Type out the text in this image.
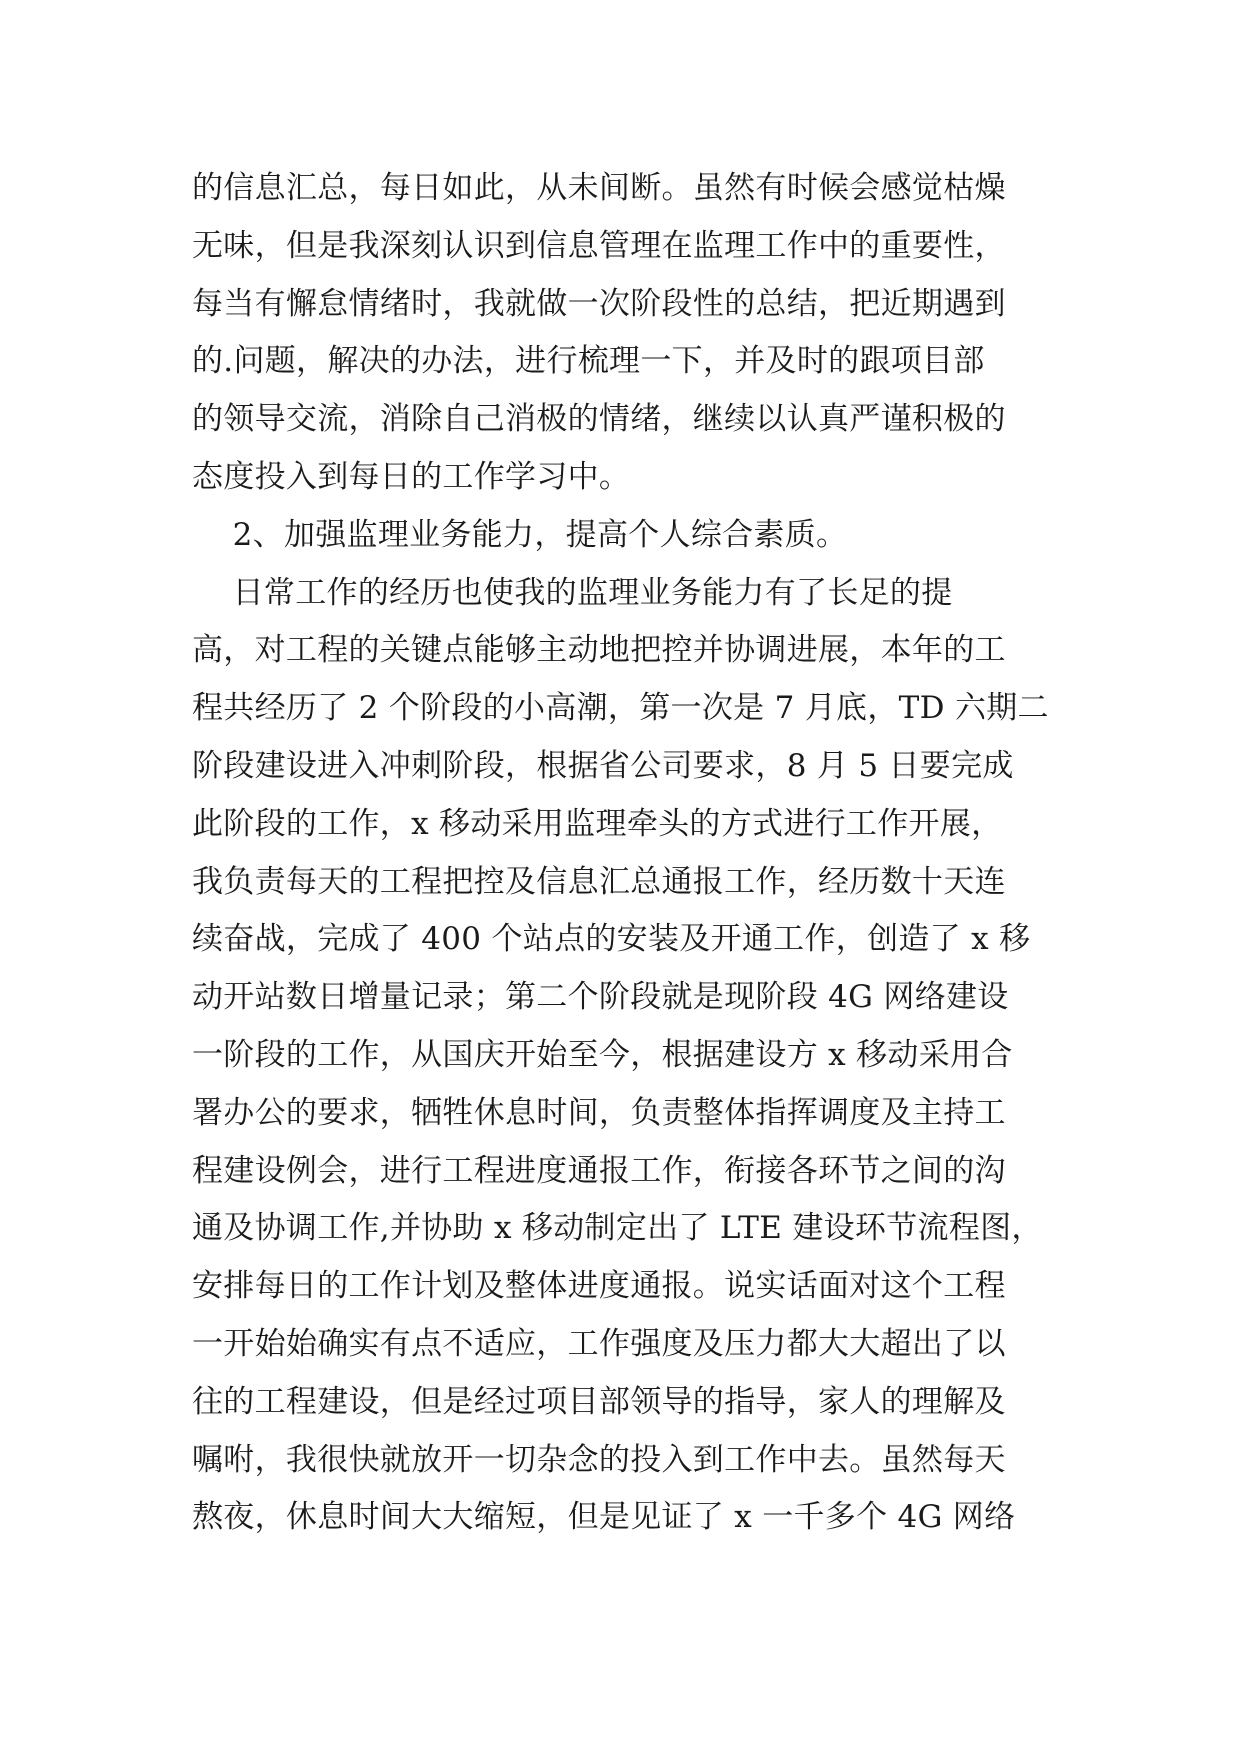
的信息汇总，每日如此，从未间断。虽然有时候会感觉枯燥
无味，但是我深刻认识到信息管理在监理工作中的重要性，
每当有懈怠情绪时，我就做一次阶段性的总结，把近期遇到
的.问题，解决的办法，进行梳理一下，并及时的跟项目部
的领导交流，消除自己消极的情绪，继续以认真严谨积极的
态度投入到每日的工作学习中。
2、加强监理业务能力，提高个人综合素质。
日常工作的经历也使我的监理业务能力有了长足的提
高，对工程的关键点能够主动地把控并协调进展，本年的工
程共经历了 2 个阶段的小高潮，第一次是 7 月底，TD 六期二
阶段建设进入冲刺阶段，根据省公司要求，8 月 5 日要完成
此阶段的工作，x 移动采用监理牵头的方式进行工作开展，
我负责每天的工程把控及信息汇总通报工作，经历数十天连
续奋战，完成了 400 个站点的安装及开通工作，创造了 x 移
动开站数日增量记录；第二个阶段就是现阶段 4G 网络建设
一阶段的工作，从国庆开始至今，根据建设方 x 移动采用合
署办公的要求，牺牲休息时间，负责整体指挥调度及主持工
程建设例会，进行工程进度通报工作，衔接各环节之间的沟
通及协调工作,并协助 x 移动制定出了 LTE 建设环节流程图，
安排每日的工作计划及整体进度通报。说实话面对这个工程
一开始始确实有点不适应，工作强度及压力都大大超出了以
往的工程建设，但是经过项目部领导的指导，家人的理解及
嘱咐，我很快就放开一切杂念的投入到工作中去。虽然每天
熬夜，休息时间大大缩短，但是见证了 x 一千多个 4G 网络
